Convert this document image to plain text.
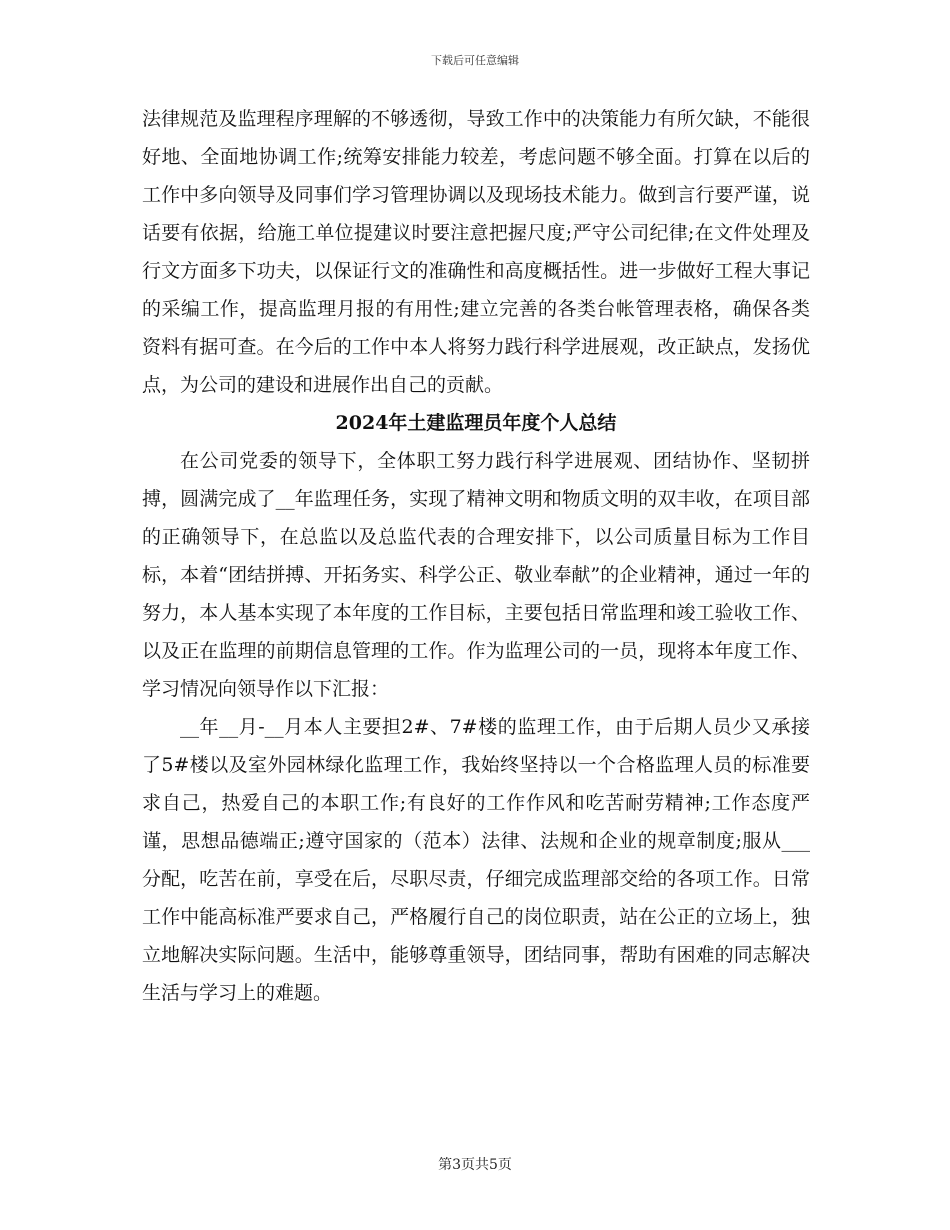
下载后可任意编辑

法律规范及监理程序理解的不够透彻，导致工作中的决策能力有所欠缺，不能很好地、全面地协调工作;统筹安排能力较差，考虑问题不够全面。打算在以后的工作中多向领导及同事们学习管理协调以及现场技术能力。做到言行要严谨，说话要有依据，给施工单位提建议时要注意把握尺度;严守公司纪律;在文件处理及行文方面多下功夫，以保证行文的准确性和高度概括性。进一步做好工程大事记的采编工作，提高监理月报的有用性;建立完善的各类台帐管理表格，确保各类资料有据可查。在今后的工作中本人将努力践行科学进展观，改正缺点，发扬优点，为公司的建设和进展作出自己的贡献。

2024年土建监理员年度个人总结

在公司党委的领导下，全体职工努力践行科学进展观、团结协作、坚韧拼搏，圆满完成了__年监理任务，实现了精神文明和物质文明的双丰收，在项目部的正确领导下，在总监以及总监代表的合理安排下，以公司质量目标为工作目标，本着“团结拼搏、开拓务实、科学公正、敬业奉献”的企业精神，通过一年的努力，本人基本实现了本年度的工作目标，主要包括日常监理和竣工验收工作、以及正在监理的前期信息管理的工作。作为监理公司的一员，现将本年度工作、学习情况向领导作以下汇报：

__年__月-__月本人主要担2#、7#楼的监理工作，由于后期人员少又承接了5#楼以及室外园林绿化监理工作，我始终坚持以一个合格监理人员的标准要求自己，热爱自己的本职工作;有良好的工作作风和吃苦耐劳精神;工作态度严谨，思想品德端正;遵守国家的（范本）法律、法规和企业的规章制度;服从___分配，吃苦在前，享受在后，尽职尽责，仔细完成监理部交给的各项工作。日常工作中能高标准严要求自己，严格履行自己的岗位职责，站在公正的立场上，独立地解决实际问题。生活中，能够尊重领导，团结同事，帮助有困难的同志解决生活与学习上的难题。

第3页共5页
